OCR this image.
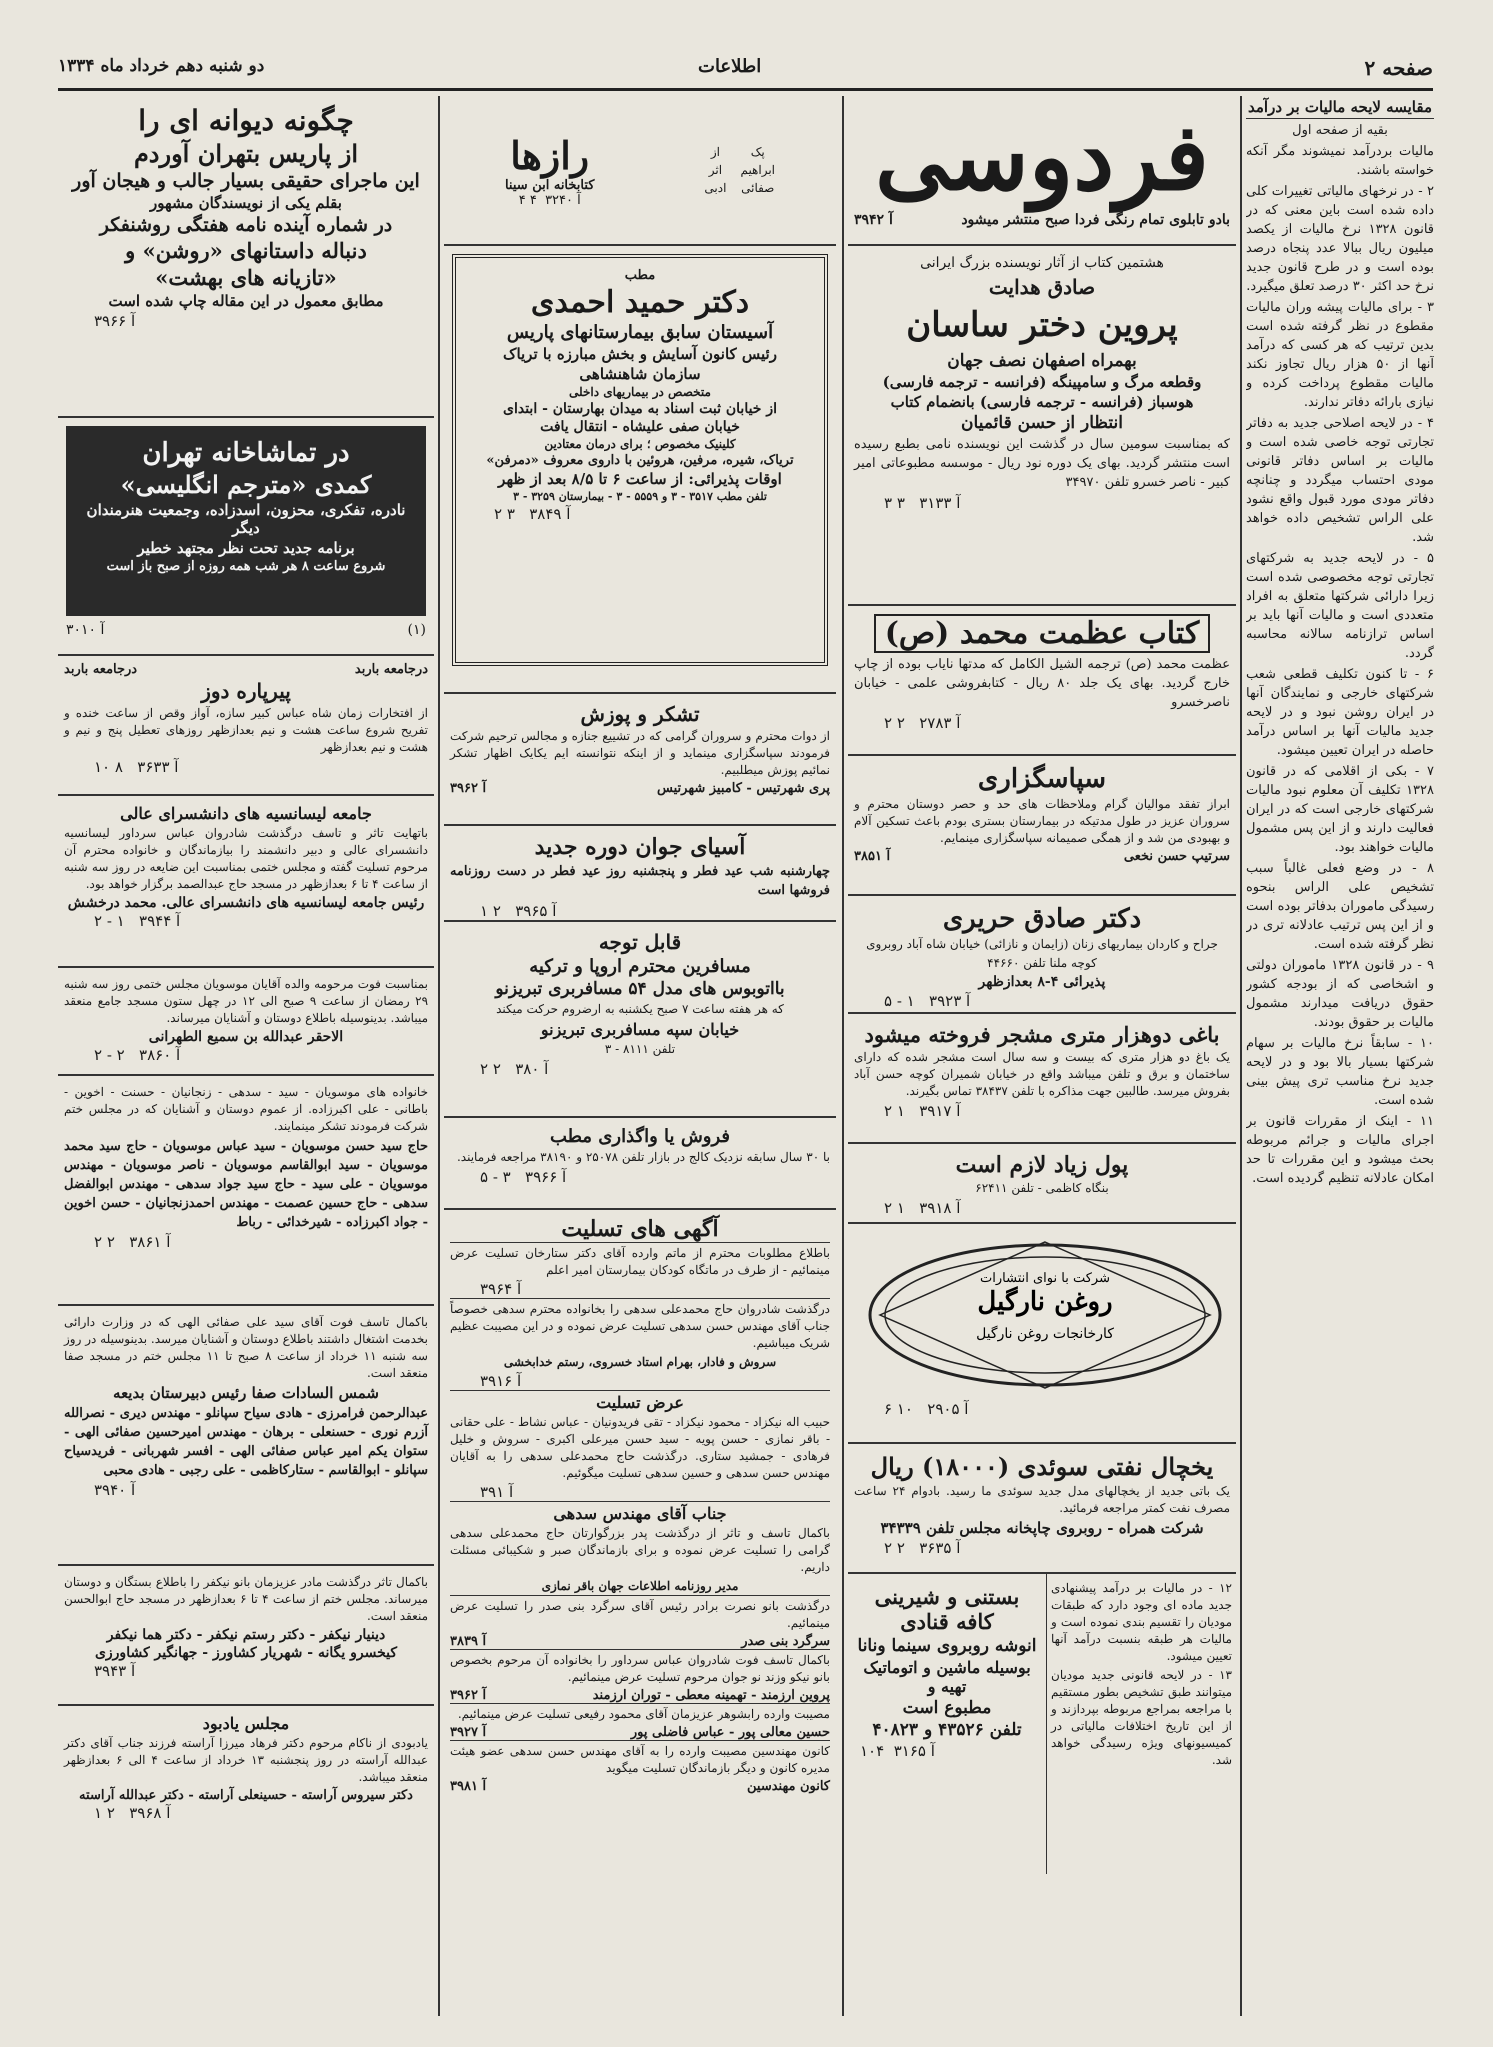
صفحه ۲
اطلاعات
دو شنبه دهم خرداد ماه ۱۳۳۴
مقایسه لایحه مالیات بر درآمد
بقیه از صفحه اول
مالیات بردرآمد نمیشوند مگر آنکه خواسته باشند.
۲ - در نرخهای مالیاتی تغییرات کلی داده شده است باین معنی که در قانون ۱۳۲۸ نرخ مالیات از یکصد میلیون ریال ببالا عدد پنجاه درصد بوده است و در طرح قانون جدید نرخ حد اکثر ۳۰ درصد تعلق میگیرد.
۳ - برای مالیات پیشه وران مالیات مقطوع در نظر گرفته شده است بدین ترتیب که هر کسی که درآمد آنها از ۵۰ هزار ریال تجاوز نکند مالیات مقطوع پرداخت کرده و نیازی بارائه دفاتر ندارند.
۴ - در لایحه اصلاحی جدید به دفاتر تجارتی توجه خاصی شده است و مالیات بر اساس دفاتر قانونی مودی احتساب میگردد و چنانچه دفاتر مودی مورد قبول واقع نشود علی الراس تشخیص داده خواهد شد.
۵ - در لایحه جدید به شرکتهای تجارتی توجه مخصوصی شده است زیرا دارائی شرکتها متعلق به افراد متعددی است و مالیات آنها باید بر اساس ترازنامه سالانه محاسبه گردد.
۶ - تا کنون تکلیف قطعی شعب شرکتهای خارجی و نمایندگان آنها در ایران روشن نبود و در لایحه جدید مالیات آنها بر اساس درآمد حاصله در ایران تعیین میشود.
۷ - بکی از اقلامی که در قانون ۱۳۲۸ تکلیف آن معلوم نبود مالیات شرکتهای خارجی است که در ایران فعالیت دارند و از این پس مشمول مالیات خواهند بود.
۸ - در وضع فعلی غالباً سبب تشخیص علی الراس بنحوه رسیدگی ماموران بدفاتر بوده است و از این پس ترتیب عادلانه تری در نظر گرفته شده است.
۹ - در قانون ۱۳۲۸ ماموران دولتی و اشخاصی که از بودجه کشور حقوق دریافت میدارند مشمول مالیات بر حقوق بودند.
۱۰ - سابقاً نرخ مالیات بر سهام شرکتها بسیار بالا بود و در لایحه جدید نرخ مناسب تری پیش بینی شده است.
۱۱ - اینک از مقررات قانون بر اجرای مالیات و جرائم مربوطه بحث میشود و این مقررات تا حد امکان عادلانه تنظیم گردیده است.
فردوسی
بادو تابلوی تمام رنگی فردا صبح منتشر میشود
آ ۳۹۴۲
هشتمین کتاب از آثار نویسنده بزرگ ایرانی
صادق هدایت
پروین دختر ساسان
بهمراه اصفهان نصف جهان
وقطعه مرگ و سامپینگه (فرانسه - ترجمه فارسی)
هوسباز (فرانسه - ترجمه فارسی) بانضمام کتاب
انتظار از حسن قائمیان
که بمناسبت سومین سال در گذشت این نویسنده نامی بطبع رسیده است منتشر گردید. بهای یک دوره نود ریال - موسسه مطبوعاتی امیر کبیر - ناصر خسرو تلفن ۳۴۹۷۰
آ ۳۱۳۳   ۳ ۳
کتاب عظمت محمد (ص)
عظمت محمد (ص) ترجمه الشیل الکامل که مدتها نایاب بوده از چاپ خارج گردید. بهای یک جلد ۸۰ ریال - کتابفروشی علمی - خیابان ناصرخسرو
آ ۲۷۸۳   ۲ ۲
سپاسگزاری
ابراز تفقد موالیان گرام وملاحظات های حد و حصر دوستان محترم و سروران عزیز در طول مدتیکه در بیمارستان بستری بودم باعث تسکین آلام و بهبودی من شد و از همگی صمیمانه سپاسگزاری مینمایم.
سرتیپ حسن نخعی
آ ۳۸۵۱
دکتر صادق حریری
جراح و کاردان بیماریهای زنان (زایمان و نازائی) خیابان شاه آباد روبروی
کوچه ملنا تلفن ۴۴۶۶۰
پذیرائی ۴-۸ بعدازظهر
آ ۳۹۲۳   ۱ - ۵
باغی دوهزار متری مشجر فروخته میشود
یک باغ دو هزار متری که بیست و سه سال است مشجر شده که دارای ساختمان و برق و تلفن میباشد واقع در خیابان شمیران کوچه حسن آباد بفروش میرسد. طالبین جهت مذاکره با تلفن ۳۸۴۳۷ تماس بگیرند.
آ ۳۹۱۷   ۱ ۲
پول زیاد لازم است
بنگاه کاظمی - تلفن ۶۲۴۱۱
آ ۳۹۱۸   ۱ ۲
روغن نارگیل
شرکت با نوای انتشارات
کارخانجات روغن نارگیل
آ ۲۹۰۵   ۱۰ ۶
یخچال نفتی سوئدی (۱۸۰۰۰) ریال
یک باتی جدید از یخچالهای مدل جدید سوئدی ما رسید. بادوام ۲۴ ساعت مصرف نفت کمتر مراجعه فرمائید.
شرکت همراه - روبروی چاپخانه مجلس تلفن ۳۴۳۳۹
آ ۳۶۳۵   ۲ ۲
۱۲ - در مالیات بر درآمد پیشنهادی جدید ماده ای وجود دارد که طبقات مودیان را تقسیم بندی نموده است و مالیات هر طبقه بنسبت درآمد آنها تعیین میشود.
۱۳ - در لایحه قانونی جدید مودیان میتوانند طبق تشخیص بطور مستقیم با مراجعه بمراجع مربوطه بپردازند و از این تاریخ اختلافات مالیاتی در کمیسیونهای ویژه رسیدگی خواهد شد.
بستنی و شیرینی کافه قنادی
انوشه روبروی سینما ونانا
بوسیله ماشین و اتوماتیک تهیه و
مطبوع است
تلفن ۴۳۵۲۶ و ۴۰۸۲۳
آ ۳۱۶۵  ۱۰۴
پک
از
ابراهیم
اثر
صفائی
ادبی
رازها
کتابخانه ابن سینا
آ ۳۲۴۰  ۴ ۴
مطب
دکتر حمید احمدی
آسیستان سابق بیمارستانهای پاریس
رئیس کانون آسایش و بخش مبارزه با تریاک
سازمان شاهنشاهی
متخصص در بیماریهای داخلی
از خیابان ثبت اسناد به میدان بهارستان - ابتدای
خیابان صفی علیشاه - انتقال یافت
کلینیک مخصوص ؛ برای درمان معتادین
تریاک، شیره، مرفین، هروئین با داروی معروف «دمرفن»
اوقات پذیرائی: از ساعت ۶ تا ۸/۵ بعد از ظهر
تلفن مطب ۳۵۱۷ - ۳ و ۵۵۵۹ - ۳ - بیمارستان ۳۲۵۹ - ۳
آ ۳۸۴۹   ۳ ۲
تشکر و پوزش
از دوات محترم و سروران گرامی که در تشییع جنازه و مجالس ترحیم شرکت فرمودند سپاسگزاری مینماید و از اینکه نتوانسته ایم یکایک اظهار تشکر نمائیم پوزش میطلبیم.
پری شهرتیس - کامبیز شهرتیس
آ ۳۹۶۲
آسیای جوان دوره جدید
چهارشنبه شب عید فطر و پنجشنبه روز عید فطر در دست روزنامه فروشها است
آ ۳۹۶۵   ۲ ۱
قابل توجه
مسافرین محترم اروپا و ترکیه
بااتوبوس های مدل ۵۴ مسافربری تبریزنو
که هر هفته ساعت ۷ صبح یکشنبه به ارضروم حرکت میکند
خیابان سپه مسافربری تبریزنو
تلفن ۸۱۱۱ - ۳
آ ۳۸۰   ۲ ۲
فروش یا واگذاری مطب
با ۳۰ سال سابقه نزدیک کالج در بازار تلفن ۲۵۰۷۸ و ۳۸۱۹۰ مراجعه فرمایند.
آ ۳۹۶۶   ۳ - ۵
آگهی های تسلیت
باطلاع مطلوبات محترم از ماتم وارده آقای دکتر ستارخان تسلیت عرض مینمائیم - از طرف در ماتگاه کودکان بیمارستان امیر اعلم
آ ۳۹۶۴
درگذشت شادروان حاج محمدعلی سدهی را بخانواده محترم سدهی خصوصاً جناب آقای مهندس حسن سدهی تسلیت عرض نموده و در این مصیبت عظیم شریک میباشیم.
سروش و فادار، بهرام استاد خسروی، رستم خدابخشی
آ ۳۹۱۶
عرض تسلیت
حبیب اله نیکزاد - محمود نیکزاد - تقی فریدونیان - عباس نشاط - علی حقانی - باقر نمازی - حسن پویه - سید حسن میرعلی اکبری - سروش و خلیل فرهادی - جمشید ستاری. درگذشت حاج محمدعلی سدهی را به آقایان مهندس حسن سدهی و حسین سدهی تسلیت میگوئیم.
آ ۳۹۱
جناب آقای مهندس سدهی
باکمال تاسف و تاثر از درگذشت پدر بزرگوارتان حاج محمدعلی سدهی گرامی را تسلیت عرض نموده و برای بازماندگان صبر و شکیبائی مسئلت داریم.
مدیر روزنامه اطلاعات جهان باقر نمازی
درگذشت بانو نصرت برادر رئیس آقای سرگرد بنی صدر را تسلیت عرض مینمائیم.
سرگرد بنی صدر
آ ۳۸۳۹
باکمال تاسف فوت شادروان عباس سرداور را بخانواده آن مرحوم بخصوص بانو نیکو وزند نو جوان مرحوم تسلیت عرض مینمائیم.
پروین ارزمند - تهمینه معطی - توران ارزمند
آ ۳۹۶۲
مصیبت وارده رابشوهر عزیزمان آقای محمود رفیعی تسلیت عرض مینمائیم.
حسین معالی پور - عباس فاضلی پور
آ ۳۹۲۷
کانون مهندسین مصیبت وارده را به آقای مهندس حسن سدهی عضو هیئت مدیره کانون و دیگر بازماندگان تسلیت میگوید
کانون مهندسین
آ ۳۹۸۱
چگونه دیوانه ای را
از پاریس بتهران آوردم
این ماجرای حقیقی بسیار جالب و هیجان آور
بقلم یکی از نویسندگان مشهور
در شماره آینده نامه هفتگی روشنفکر
دنباله داستانهای «روشن» و
«تازیانه های بهشت»
مطابق معمول در این مقاله چاپ شده است
آ ۳۹۶۶
در تماشاخانه تهران
کمدی «مترجم انگلیسی»
نادره، تفکری، محزون، اسدزاده، وجمعیت هنرمندان دیگر
برنامه جدید تحت نظر مجتهد خطیر
شروع ساعت ۸ هر شب همه روزه از صبح باز است
(۱)
آ ۳۰۱۰
درجامعه باربد
درجامعه باربد
پیرپاره دوز
از افتخارات زمان شاه عباس کبیر سازه، آواز وقص از ساعت خنده و تفریح شروع ساعت هشت و نیم بعدازظهر روزهای تعطیل پنج و نیم و هشت و نیم بعدازظهر
آ ۳۶۳۳   ۸ ۱۰
جامعه لیسانسیه های دانشسرای عالی
باتهایت تاثر و تاسف درگذشت شادروان عباس سرداور لیسانسیه دانشسرای عالی و دبیر دانشمند را بیازماندگان و خانواده محترم آن مرحوم تسلیت گفته و مجلس ختمی بمناسبت این ضایعه در روز سه شنبه از ساعت ۴ تا ۶ بعدازظهر در مسجد حاج عبدالصمد برگزار خواهد بود.
رئیس جامعه لیسانسیه های دانشسرای عالی. محمد درخشش
آ ۳۹۴۴   ۱ - ۲
بمناسبت فوت مرحومه والده آقایان موسویان مجلس ختمی روز سه شنبه ۲۹ رمضان از ساعت ۹ صبح الی ۱۲ در چهل ستون مسجد جامع منعقد میباشد. بدینوسیله باطلاع دوستان و آشنایان میرساند.
الاحقر عبدالله بن سمیع الطهرانی
آ ۳۸۶۰   ۲ - ۲
خانواده های موسویان - سید - سدهی - زنجانیان - حسنت - اخوین - باطانی - علی اکبرزاده. از عموم دوستان و آشنایان که در مجلس ختم شرکت فرمودند تشکر مینمایند.
حاج سید حسن موسویان - سید عباس موسویان - حاج سید محمد موسویان - سید ابوالقاسم موسویان - ناصر موسویان - مهندس موسویان - علی سید - حاج سید جواد سدهی - مهندس ابوالفضل سدهی - حاج حسین عصمت - مهندس احمدزنجانیان - حسن اخوین - جواد اکبرزاده - شیرخدائی - رباط
آ ۳۸۶۱   ۲ ۲
باکمال تاسف فوت آقای سید علی صفائی الهی که در وزارت دارائی بخدمت اشتغال داشتند باطلاع دوستان و آشنایان میرسد. بدینوسیله در روز سه شنبه ۱۱ خرداد از ساعت ۸ صبح تا ۱۱ مجلس ختم در مسجد صفا منعقد است.
شمس السادات صفا رئیس دبیرستان بدیعه
عبدالرحمن فرامرزی - هادی سیاح سپانلو - مهندس دیری - نصرالله آزرم نوری - حسنعلی - برهان - مهندس امیرحسین صفائی الهی - ستوان یکم امیر عباس صفائی الهی - افسر شهربانی - فریدسیاح سپانلو - ابوالقاسم - ستارکاظمی - علی رجبی - هادی محبی
آ ۳۹۴۰
باکمال تاثر درگذشت مادر عزیزمان بانو نیکفر را باطلاع بستگان و دوستان میرساند. مجلس ختم از ساعت ۴ تا ۶ بعدازظهر در مسجد حاج ابوالحسن منعقد است.
دینیار نیکفر - دکتر رستم نیکفر - دکتر هما نیکفر
کیخسرو یگانه - شهریار کشاورز - جهانگیر کشاورزی
آ ۳۹۴۳
مجلس یادبود
یادبودی از ناکام مرحوم دکتر فرهاد میرزا آراسته فرزند جناب آقای دکتر عبدالله آراسته در روز پنجشنبه ۱۳ خرداد از ساعت ۴ الی ۶ بعدازظهر منعقد میباشد.
دکتر سیروس آراسته - حسینعلی آراسته - دکتر عبدالله آراسته
آ ۳۹۶۸   ۲ ۱
